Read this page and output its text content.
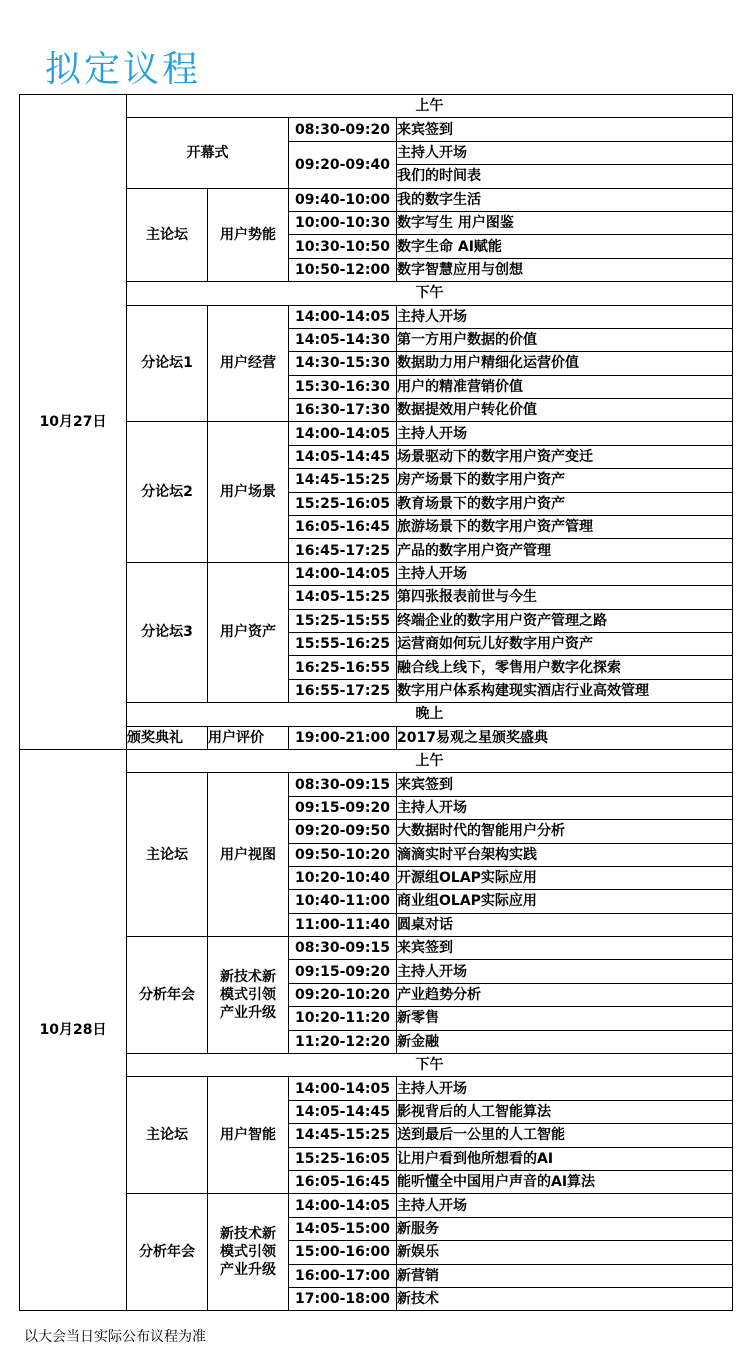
拟定议程
10月27日	上午			
	开幕式		08:30-09:20	来宾签到
			09:20-09:40	主持人开场
				我们的时间表
	主论坛	用户势能	09:40-10:00	我的数字生活
			10:00-10:30	数字写生 用户图鉴
			10:30-10:50	数字生命 AI赋能
			10:50-12:00	数字智慧应用与创想
	下午			
	分论坛1	用户经营	14:00-14:05	主持人开场
			14:05-14:30	第一方用户数据的价值
			14:30-15:30	数据助力用户精细化运营价值
			15:30-16:30	用户的精准营销价值
			16:30-17:30	数据提效用户转化价值
	分论坛2	用户场景	14:00-14:05	主持人开场
			14:05-14:45	场景驱动下的数字用户资产变迁
			14:45-15:25	房产场景下的数字用户资产
			15:25-16:05	教育场景下的数字用户资产
			16:05-16:45	旅游场景下的数字用户资产管理
			16:45-17:25	产品的数字用户资产管理
	分论坛3	用户资产	14:00-14:05	主持人开场
			14:05-15:25	第四张报表前世与今生
			15:25-15:55	终端企业的数字用户资产管理之路
			15:55-16:25	运营商如何玩儿好数字用户资产
			16:25-16:55	融合线上线下，零售用户数字化探索
			16:55-17:25	数字用户体系构建现实酒店行业高效管理
	晚上			
	颁奖典礼	用户评价	19:00-21:00	2017易观之星颁奖盛典
10月28日	上午			
	主论坛	用户视图	08:30-09:15	来宾签到
			09:15-09:20	主持人开场
			09:20-09:50	大数据时代的智能用户分析
			09:50-10:20	滴滴实时平台架构实践
			10:20-10:40	开源组OLAP实际应用
			10:40-11:00	商业组OLAP实际应用
			11:00-11:40	圆桌对话
	分析年会	新技术新
模式引领
产业升级	08:30-09:15	来宾签到
			09:15-09:20	主持人开场
			09:20-10:20	产业趋势分析
			10:20-11:20	新零售
			11:20-12:20	新金融
	下午			
	主论坛	用户智能	14:00-14:05	主持人开场
			14:05-14:45	影视背后的人工智能算法
			14:45-15:25	送到最后一公里的人工智能
			15:25-16:05	让用户看到他所想看的AI
			16:05-16:45	能听懂全中国用户声音的AI算法
	分析年会	新技术新
模式引领
产业升级	14:00-14:05	主持人开场
			14:05-15:00	新服务
			15:00-16:00	新娱乐
			16:00-17:00	新营销
			17:00-18:00	新技术
以大会当日实际公布议程为准
